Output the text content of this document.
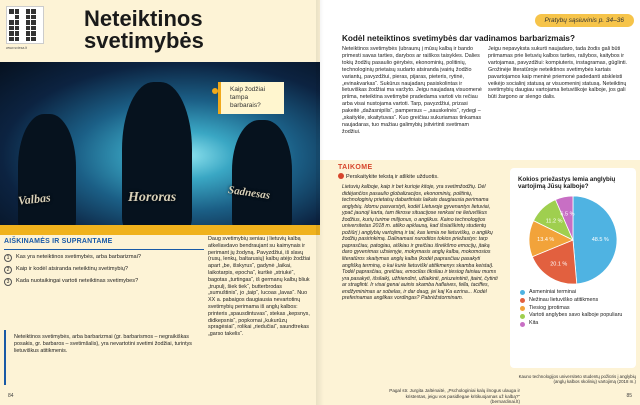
www.sviesa.lt
Neteiktinos
svetimybės
Valbas	Hororas	Sadnesas
Kaip žodžiai tampa barbarais?
AIŠKINAMĖS IR SUPRANTAME
1	Kas yra neteiktinos svetimybės, arba barbarizmai?
2	Kaip ir kodėl atsiranda neteiktinų svetimybių?
3	Kada nuotaikingai vartoti neteiktinas svetimybes?
Neteiktinos svetimybės, arba barbarizmai (gr. barbarismos – negraikiškas posakis, gr. barbaros – svetimšalis), yra nevartotini svetimi žodžiai, turintys lietuviškus atitikmenis.
Daug svetimybių seniau į lietuvių kalbą atkeliavdavo bendraujant su kaimynais ir perimant jų žodyną. Pavyzdžiui, iš slavų (rusų, lenkų, baltarusių) kalbų atėjo žodžiai apart „be, išskyrus“, gadynė „laikai, laikotarpis, epocha“, kurtkė „striukė“, bagotas „turtingas“, iš germanų kalbų bliuk „trupulį, šiek tiek“, butterbrodas „sumuštinis“, jo „taip“, lucoas „lavas“. Nuo XX a. pabaigos daugiausia nevartotinų svetimybių perimama iš anglų kalbos: printeris „spausdintuvas“, stekas „kepsnys, didkepsnis“, popkornai „kukurūzų spragėsiai“, rolikai „riedučiai“, saundtrekas „garso takelis“.
84
Pratybų sąsiuvinis p. 34–36
Kodėl neteiktinos svetimybės dar vadinamos barbarizmais?
Neteiktinos svetimybės (ubraunų į mūsų kalbą ir bando primesti savas tarties, darybos ar raiškos taisykles. Dalies tokių žodžių pasaulio gėrybės, ekonominių, politinių, technologinių prietaisų sudarto atsiranda įvairių žodžio variantų, pavyzdžiui, pieras, pijaras, pieteris, rytinė, „evinakvarkas“. Sukūrus naujadarų pasiskolintas ir lietuviškas žodžiai ma varžyto. Jeigu naujadarą visuomenė priima, neteiktina svetimybė pradedama vartoti vis rečiau arba visai nustojama vartoti. Tarp, pavyzdžiui, prizasi pakeitė „dažasnipilis“, pampersus – „sauskelnės“, rydegi – „skaitykle, skaitytuvas“. Kuo greičiau sukuriamas tinkamas naujadaras, tuo mažiau galimybių įsitvirtinti svetimam žodžiui.
Jeigu nepavyksta sukurti naujadaro, tada žodis gali būti priimamas prie lietuvių kalbos tarties, rašybos, kaitybos ir vartojamas, pavyzdžiui: kompiuteris, instagramas, gūglinti. Grožinėje literatūroje neteiktinos svetimybės kartais pavartojamos kaip meninė priemonė padedanti atskleisti veikėjo socialinį statusą ar visuomeninį statusą. Neteiktinų svetimybių daugiau vartojama lietuviškoje kalboje, jos gali būti žargono ar slengo dalis.
TAIKOME
Perskaitykite tekstą ir atlikite užduotis.
Lietuvių kalboje, kaip ir bet kurioje kitoje, yra svetimžodžių. Dėl didėjančios pasaulio globalizacijos, ekonominių, politinių, technologinių prietaisų dabartiniais laikais daugiausia perimama anglybių. Idomu pasvarstyti, kodėl Lietuvoje gyvenantys lietuviai, ypač jaunoji karta, tam tikrose situacijose renkasi ne lietuviškus žodžius, kurių turime milijonus, o anglikus. Kaino technologijos universitetas 2018 m. atliko apklausą, kad išsiaiškintų studentų požiūrį į anglybių vartojimą ir tai, kas lemia ne lietuviškų, o anglikų žodžių pasirinkimą. Dalinamasi nuroditos tokios priežastys: tarp paprasčiau, patogiau, aiškiau ir greičiau išreikšmo emocijų, įtaką daro gyvenimas užsienyje, mokymasis anglų kalba, mokomosios literatūros skaitymas anglų kalba (kodėl paprasčiau pasakyti anglišką terminą, o kai kurie lietuviški atitikmenys skamba keistai). Todėl paprasčiau, greičiau, emocilas tiksliau ir tiesiog fainiau mums yra pasakyti, išsilaikį, užfriendint, užlaikinti, priuzeintinti, įtaint, čytinti ar straglinti. Ir visai genai auinis skamba haflaives, fella, taciffes, endžyminimas ar sobelas, ir dar daug, jei kaj Ka ezrina... Kodėl preferinamas anglikas vordingas? Pabrėžstorminam.
Pagal str. Jurgita Jaltėnaitė, „Pschologiniai kalų ilnogus ulauga ir kristentas, jeigu vos pasidlegae kritikuojamas už kalbą?“ (bernardinai.lt)
Kokios priežastys lemia anglybių vartojimą Jūsų kalboje?
48.5 %
20.1 %
13.4 %
11.2 %
6.5 %
Asmeniniai terminai
Nežinau lietuviško atitikmens
Tiesiog įprotimas
Vartoti anglybes savo kalboje populiaru
Kita
Kauno technologijos universiteto studentų požiūris į anglybių (anglų kalbos skolinių) vartojimą (2018 m.)
85
